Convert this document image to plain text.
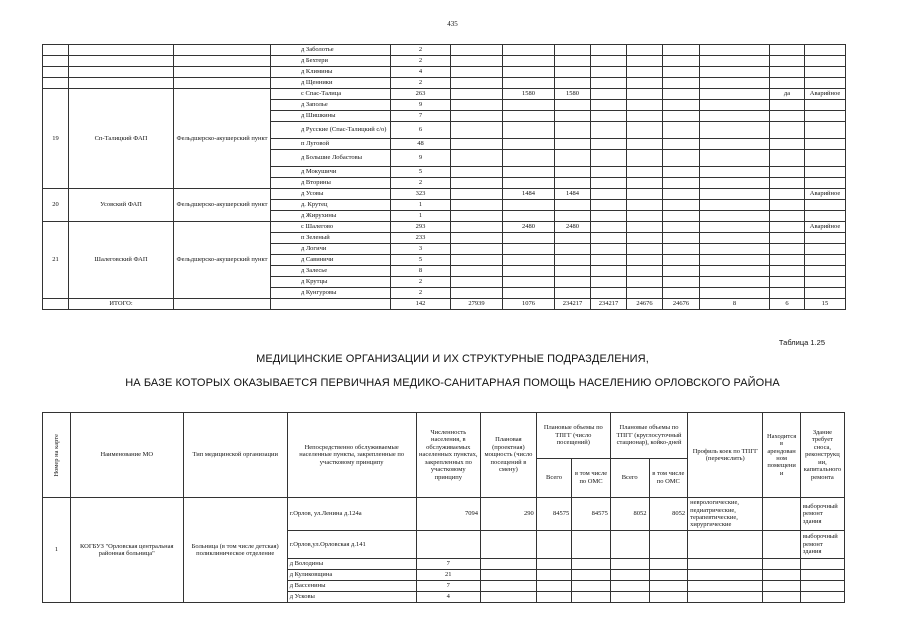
435
			д Заболотье	2									
			д Бехтери	2									
			д Климины	4									
			д Щенники	2									
19	Сп-Талицкий ФАП	Фельдшерско-акушерский пункт	с Спас-Талица	263		1580	1580					да	Аварийное
			д Заполье	9									
			д Шишкины	7									
			д Русские (Спас-Талицкий с/о)	6									
			п Луговой	48									
			д Большие Лобастовы	9									
			д Мокушичи	5									
			д Вторины	2									
20	Усовский ФАП	Фельдшерско-акушерский пункт	д Усовы	323		1484	1484						Аварийное
			д. Крутец	1									
			д Жирухины	1									
21	Шалеговский ФАП	Фельдшерско-акушерский пункт	с Шалегово	293		2480	2480						Аварийное
			п Зеленый	233									
			д Логичи	3									
			д Савиничи	5									
			д Залесье	8									
			д Крутцы	2									
			д Кунгуровы	2									
	ИТОГО:			142	27939	1076	234217	234217	24676	24676	8	6	15
Таблица 1.25
МЕДИЦИНСКИЕ ОРГАНИЗАЦИИ И ИХ СТРУКТУРНЫЕ ПОДРАЗДЕЛЕНИЯ,
НА БАЗЕ КОТОРЫХ ОКАЗЫВАЕТСЯ ПЕРВИЧНАЯ МЕДИКО-САНИТАРНАЯ ПОМОЩЬ НАСЕЛЕНИЮ ОРЛОВСКОГО РАЙОНА
Номер на карте	Наименование МО	Тип медицинской организации	Непосредственно обслуживаемые населенные пункты, закрепленные по участковому принципу	Численность населения, в обслуживаемых населенных пунктах, закрепленных по участковому принципу	Плановая (проектная) мощность (число посещений в смену)	Плановые объемы по ТПГГ (число посещений)		Плановые объемы по ТПГГ (круглосуточный стационар), койко-дней		Профиль коек по ТПГГ (перечислить)	Находится в арендован ном помещени и	Здание требует сноса, реконструкц ии, капитального ремонта
						Всего	в том числе по ОМС	Всего	в том числе по ОМС			
1	КОГБУЗ "Орловская центральная районная больница"	Больница (в том числе детская) поликлиническое отделение	г.Орлов, ул.Ленина д.124а	7094	290	84575	84575	8052	8052	неврологические, педиатрические, терапевтические, хирургические		выборочный ремонт здания
			г.Орлов,ул.Орловская д.141									выборочный ремонт здания
			д Володины	7								
			д Куликовщина	21								
			д Вассенины	7								
			д Усковы	4								
